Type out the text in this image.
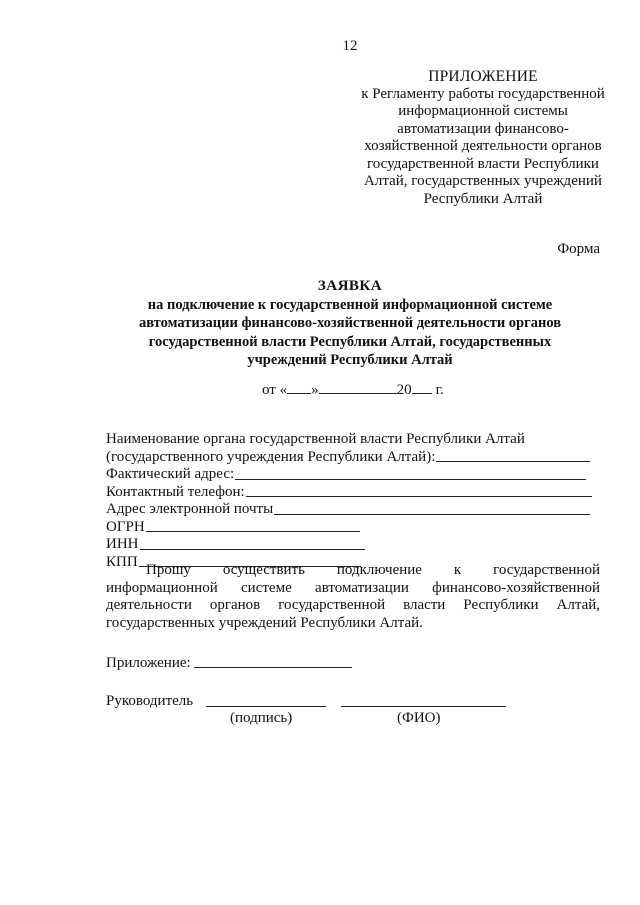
12
ПРИЛОЖЕНИЕ
к Регламенту работы государственной
информационной системы
автоматизации финансово-
хозяйственной деятельности органов
государственной власти Республики
Алтай, государственных учреждений
Республики Алтай
Форма
ЗАЯВКА
на подключение к государственной информационной системе
автоматизации финансово-хозяйственной деятельности органов
государственной власти Республики Алтай, государственных
учреждений Республики Алтай
от « »	20 г.
Наименование органа государственной власти Республики Алтай
(государственного учреждения Республики Алтай):
Фактический адрес:
Контактный телефон:
Адрес электронной почты
ОГРН
ИНН
КПП

Прошу осуществить подключение к государственной информационной системе автоматизации финансово-хозяйственной деятельности органов государственной власти Республики Алтай, государственных учреждений Республики Алтай.

Приложение:
Руководитель
(подпись)	(ФИО)
